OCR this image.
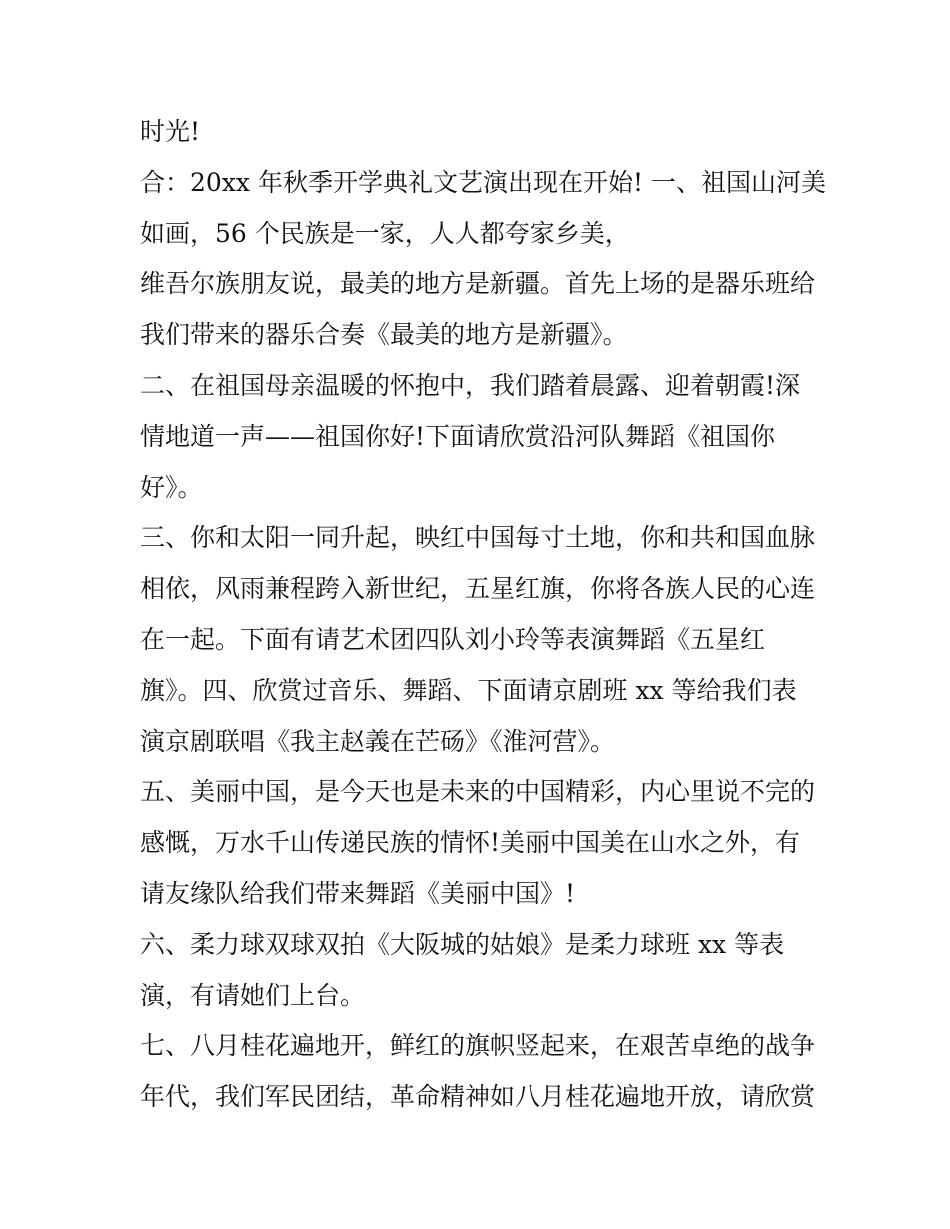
时光!

合：20xx 年秋季开学典礼文艺演出现在开始! 一、祖国山河美

如画，56 个民族是一家，人人都夸家乡美，

维吾尔族朋友说，最美的地方是新疆。首先上场的是器乐班给

我们带来的器乐合奏《最美的地方是新疆》。

二、在祖国母亲温暖的怀抱中，我们踏着晨露、迎着朝霞!深

情地道一声——祖国你好!下面请欣赏沿河队舞蹈《祖国你

好》。

三、你和太阳一同升起，映红中国每寸土地，你和共和国血脉

相依，风雨兼程跨入新世纪，五星红旗，你将各族人民的心连

在一起。下面有请艺术团四队刘小玲等表演舞蹈《五星红

旗》。四、欣赏过音乐、舞蹈、下面请京剧班 xx 等给我们表

演京剧联唱《我主赵義在芒砀》《淮河营》。

五、美丽中国，是今天也是未来的中国精彩，内心里说不完的

感慨，万水千山传递民族的情怀!美丽中国美在山水之外，有

请友缘队给我们带来舞蹈《美丽中国》!

六、柔力球双球双拍《大阪城的姑娘》是柔力球班 xx 等表

演，有请她们上台。

七、八月桂花遍地开，鲜红的旗帜竖起来，在艰苦卓绝的战争

年代，我们军民团结，革命精神如八月桂花遍地开放，请欣赏
